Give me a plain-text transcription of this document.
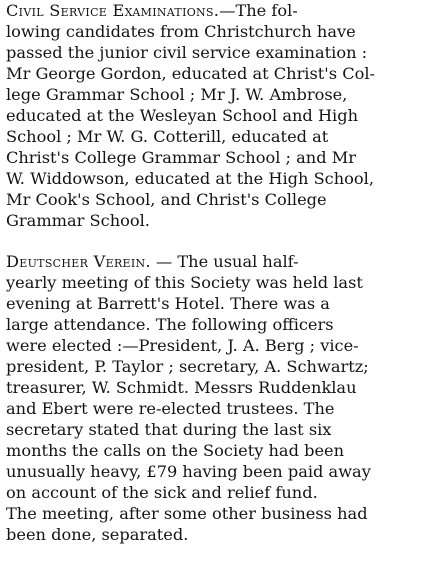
Civil Service Examinations.—The fol-
lowing candidates from Christchurch have
passed the junior civil service examination :
Mr George Gordon, educated at Christ's Col-
lege Grammar School ; Mr J. W. Ambrose,
educated at the Wesleyan School and High
School ; Mr W. G. Cotterill, educated at
Christ's College Grammar School ; and Mr
W. Widdowson, educated at the High School,
Mr Cook's School, and Christ's College
Grammar School.
Deutscher Verein. — The usual half-
yearly meeting of this Society was held last
evening at Barrett's Hotel. There was a
large attendance. The following officers
were elected :—President, J. A. Berg ; vice-
president, P. Taylor ; secretary, A. Schwartz;
treasurer, W. Schmidt. Messrs Ruddenklau
and Ebert were re-elected trustees. The
secretary stated that during the last six
months the calls on the Society had been
unusually heavy, £79 having been paid away
on account of the sick and relief fund.
The meeting, after some other business had
been done, separated.
